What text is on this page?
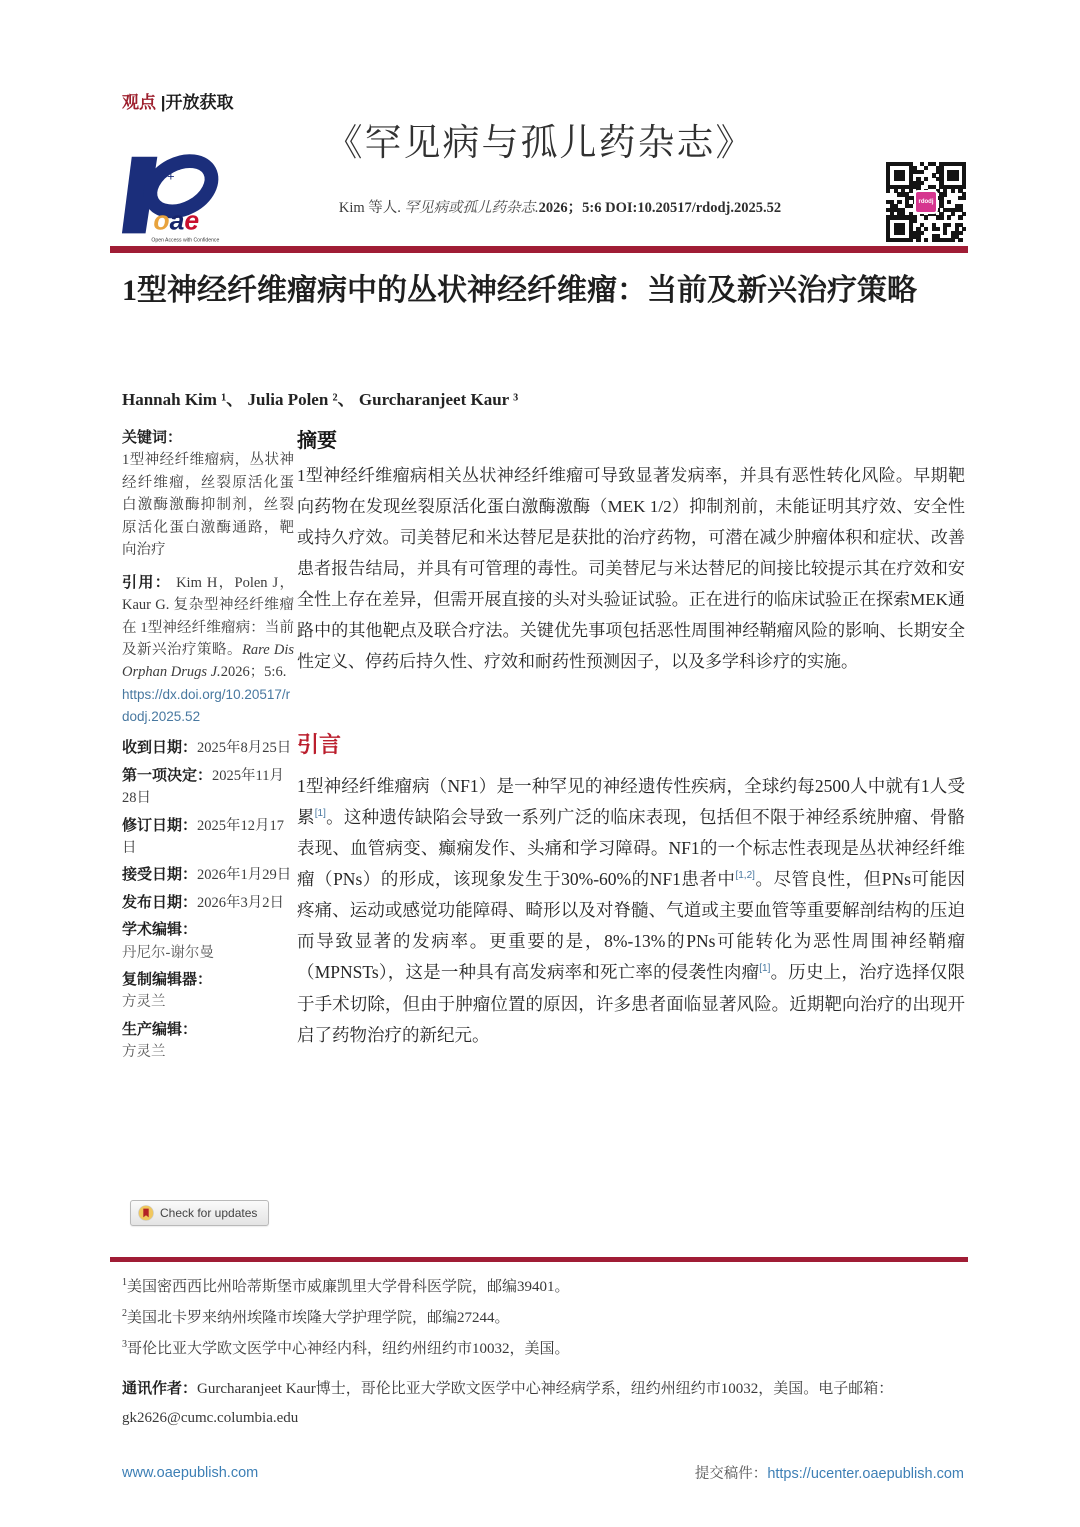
观点 |开放获取
《罕见病与孤儿药杂志》
+
+
oae
Open Access with Confidence
Kim 等人. 罕见病或孤儿药杂志.2026；5:6 DOI:10.20517/rdodj.2025.52	rdodj
1型神经纤维瘤病中的丛状神经纤维瘤：当前及新兴治疗策略
Hannah Kim ¹、 Julia Polen ²、 Gurcharanjeet Kaur ³
关键词：

1型神经纤维瘤病，丛状神经纤维瘤，丝裂原活化蛋白激酶激酶抑制剂，丝裂原活化蛋白激酶通路，靶向治疗

引用： Kim H，Polen J，Kaur G. 复杂型神经纤维瘤在 1型神经纤维瘤病：当前及新兴治疗策略。Rare Dis Orphan Drugs J.2026；5:6.
https://dx.doi.org/10.20517/rdodj.2025.52
收到日期：2025年8月25日
第一项决定：2025年11月28日
修订日期：2025年12月17日
接受日期：2026年1月29日
发布日期：2026年3月2日
学术编辑：
丹尼尔-谢尔曼
复制编辑器：
方灵兰
生产编辑：
方灵兰
摘要

1型神经纤维瘤病相关丛状神经纤维瘤可导致显著发病率，并具有恶性转化风险。早期靶向药物在发现丝裂原活化蛋白激酶激酶（MEK 1/2）抑制剂前，未能证明其疗效、安全性或持久疗效。司美替尼和米达替尼是获批的治疗药物，可潜在减少肿瘤体积和症状、改善患者报告结局，并具有可管理的毒性。司美替尼与米达替尼的间接比较提示其在疗效和安全性上存在差异，但需开展直接的头对头验证试验。正在进行的临床试验正在探索MEK通路中的其他靶点及联合疗法。关键优先事项包括恶性周围神经鞘瘤风险的影响、长期安全性定义、停药后持久性、疗效和耐药性预测因子，以及多学科诊疗的实施。

引言

1型神经纤维瘤病（NF1）是一种罕见的神经遗传性疾病，全球约每2500人中就有1人受累[1]。这种遗传缺陷会导致一系列广泛的临床表现，包括但不限于神经系统肿瘤、骨骼表现、血管病变、癫痫发作、头痛和学习障碍。NF1的一个标志性表现是丛状神经纤维瘤（PNs）的形成，该现象发生于30%-60%的NF1患者中[1,2]。尽管良性，但PNs可能因疼痛、运动或感觉功能障碍、畸形以及对脊髓、气道或主要血管等重要解剖结构的压迫而导致显著的发病率。更重要的是，8%-13%的PNs可能转化为恶性周围神经鞘瘤（MPNSTs），这是一种具有高发病率和死亡率的侵袭性肉瘤[1]。历史上，治疗选择仅限于手术切除，但由于肿瘤位置的原因，许多患者面临显著风险。近期靶向治疗的出现开启了药物治疗的新纪元。

Check for updates
$^1$美国密西西比州哈蒂斯堡市威廉凯里大学骨科医学院，邮编39401。
$^2$美国北卡罗来纳州埃隆市埃隆大学护理学院，邮编27244。
$^3$哥伦比亚大学欧文医学中心神经内科，纽约州纽约市10032，美国。
通讯作者：Gurcharanjeet Kaur博士，哥伦比亚大学欧文医学中心神经病学系，纽约州纽约市10032，美国。电子邮箱：gk2626@cumc.columbia.edu
www.oaepublish.com	提交稿件：https://ucenter.oaepublish.com
